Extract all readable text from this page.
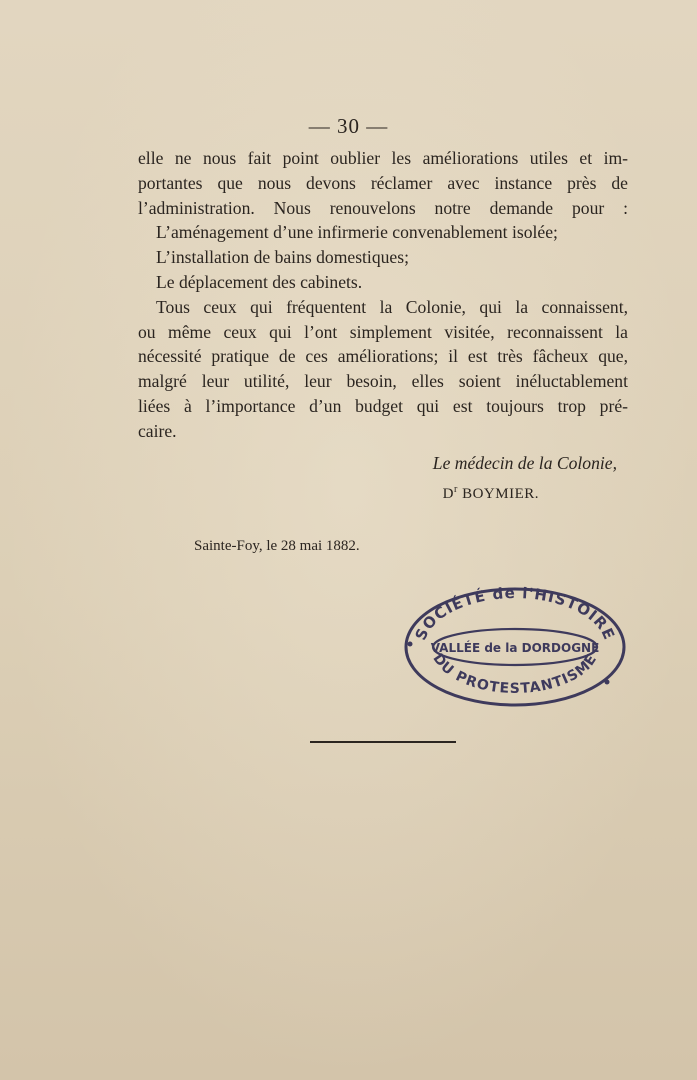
— 30 —
elle ne nous fait point oublier les améliorations utiles et im-
portantes que nous devons réclamer avec instance près de
l’administration. Nous renouvelons notre demande pour :
L’aménagement d’une infirmerie convenablement isolée;
L’installation de bains domestiques;
Le déplacement des cabinets.
Tous ceux qui fréquentent la Colonie, qui la connaissent,
ou même ceux qui l’ont simplement visitée, reconnaissent la
nécessité pratique de ces améliorations; il est très fâcheux que,
malgré leur utilité, leur besoin, elles soient inéluctablement
liées à l’importance d’un budget qui est toujours trop pré-
caire.
Le médecin de la Colonie,
$D^r$ BOYMIER.
Sainte-Foy, le 28 mai 1882.
SOCIÉTÉ de l'HISTOIRE
VALLÉE de la DORDOGNE
DU PROTESTANTISME
